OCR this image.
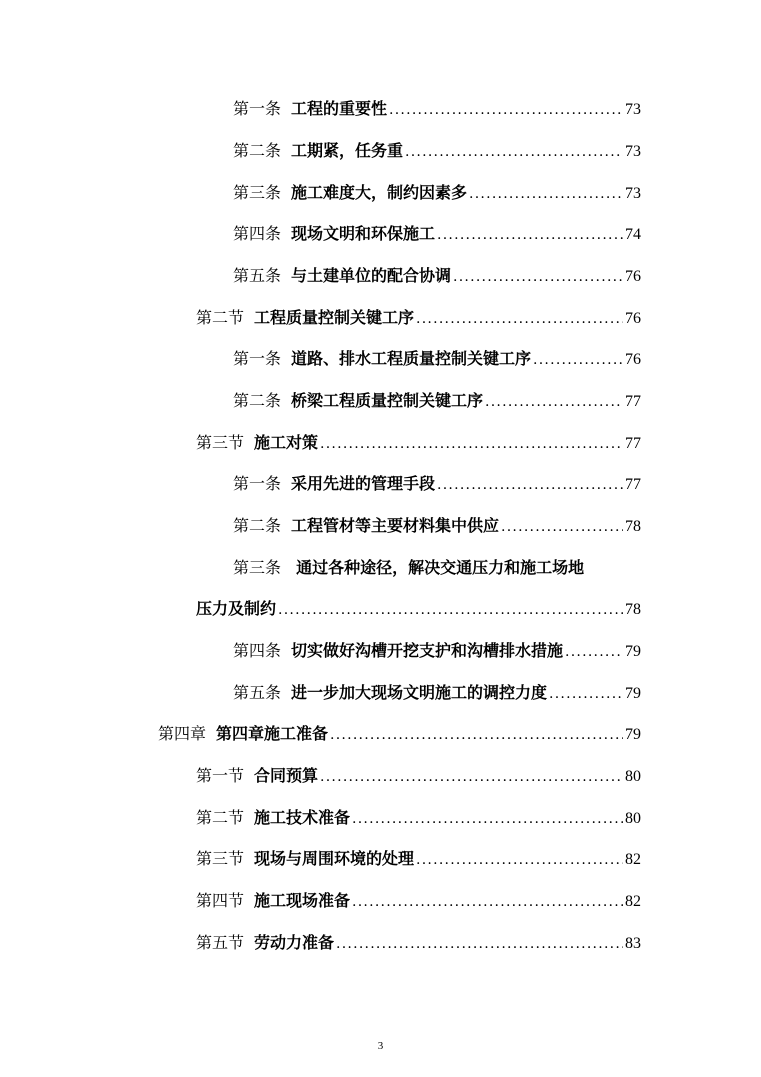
第一条 工程的重要性 . . .	73
第二条 工期紧，任务重 . . .	73
第三条 施工难度大，制约因素多 . . .	73
第四条 现场文明和环保施工 . . .	74
第五条 与土建单位的配合协调 . . .	76
第二节 工程质量控制关键工序 . . .	76
第一条 道路、排水工程质量控制关键工序 . . .	76
第二条 桥梁工程质量控制关键工序 . . .	77
第三节 施工对策 . . .	77
第一条 采用先进的管理手段 . . .	77
第二条 工程管材等主要材料集中供应 . . .	78
第三条 通过各种途径，解决交通压力和施工场地
压力及制约 . . .	78
第四条 切实做好沟槽开挖支护和沟槽排水措施 . . .	79
第五条 进一步加大现场文明施工的调控力度 . . .	79
第四章 第四章施工准备 . . .	79
第一节 合同预算 . . .	80
第二节 施工技术准备 . . .	80
第三节 现场与周围环境的处理 . . .	82
第四节 施工现场准备 . . .	82
第五节 劳动力准备 . . .	83
3
